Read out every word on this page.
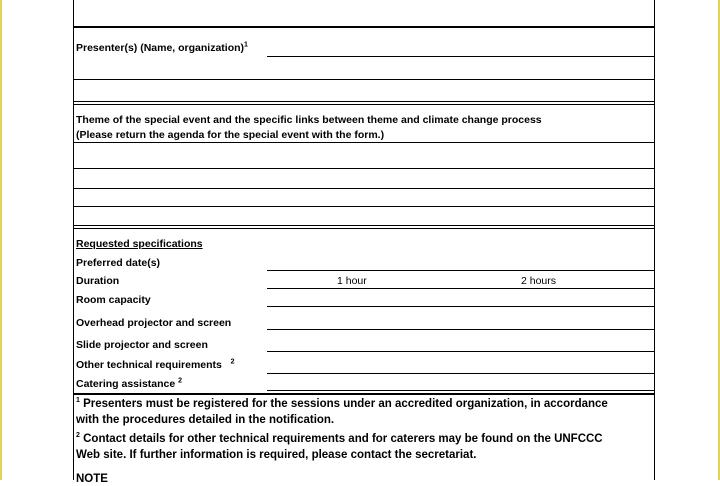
Presenter(s) (Name, organization)$^1$
Theme of the special event and the specific links between theme and climate change process
(Please return the agenda for the special event with the form.)
Requested specifications
Preferred date(s)
Duration	1 hour	2 hours
Room capacity
Overhead projector and screen
Slide projector and screen
Other technical requirements $^2$
Catering assistance $^2$
$^1$ Presenters must be registered for the sessions under an accredited organization, in accordance
with the procedures detailed in the notification.
$^2$ Contact details for other technical requirements and for caterers may be found on the UNFCCC
Web site. If further information is required, please contact the secretariat.
NOTE
